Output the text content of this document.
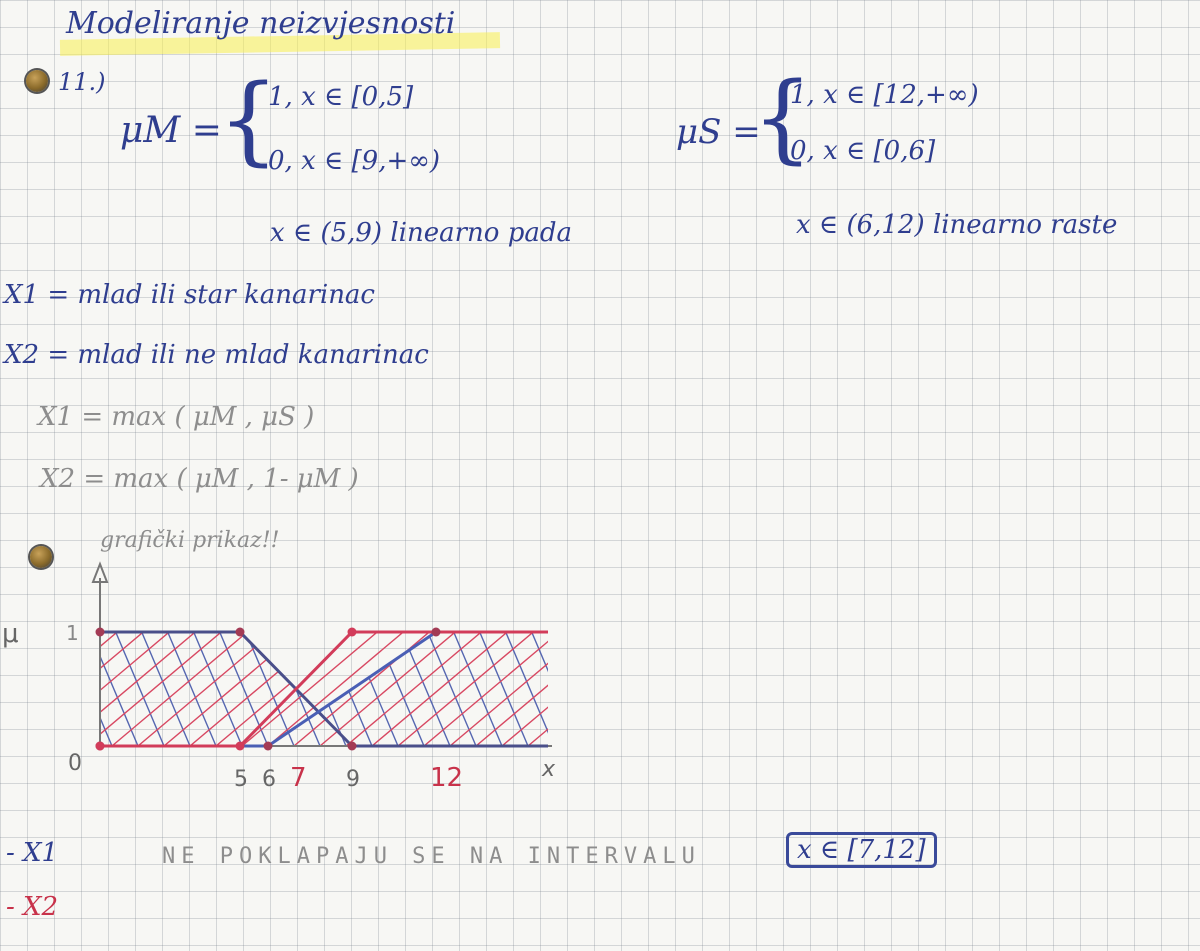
Modeliranje neizvjesnosti
11.)
μM =
{
1, x ∈ [0,5]
0, x ∈ [9,+∞)
x ∈ (5,9) linearno pada
μS =
{
1, x ∈ [12,+∞)
0, x ∈ [0,6]
x ∈ (6,12) linearno raste
X1 = mlad ili star kanarinac
X2 = mlad ili ne mlad kanarinac
X1 = max ( μM , μS )
X2 = max ( μM , 1- μM )
grafički prikaz!!
0
5 6 7 9	12
1
μ
x
- X1
- X2
NE POKLAPAJU SE NA INTERVALU	x ∈ [7,12]
